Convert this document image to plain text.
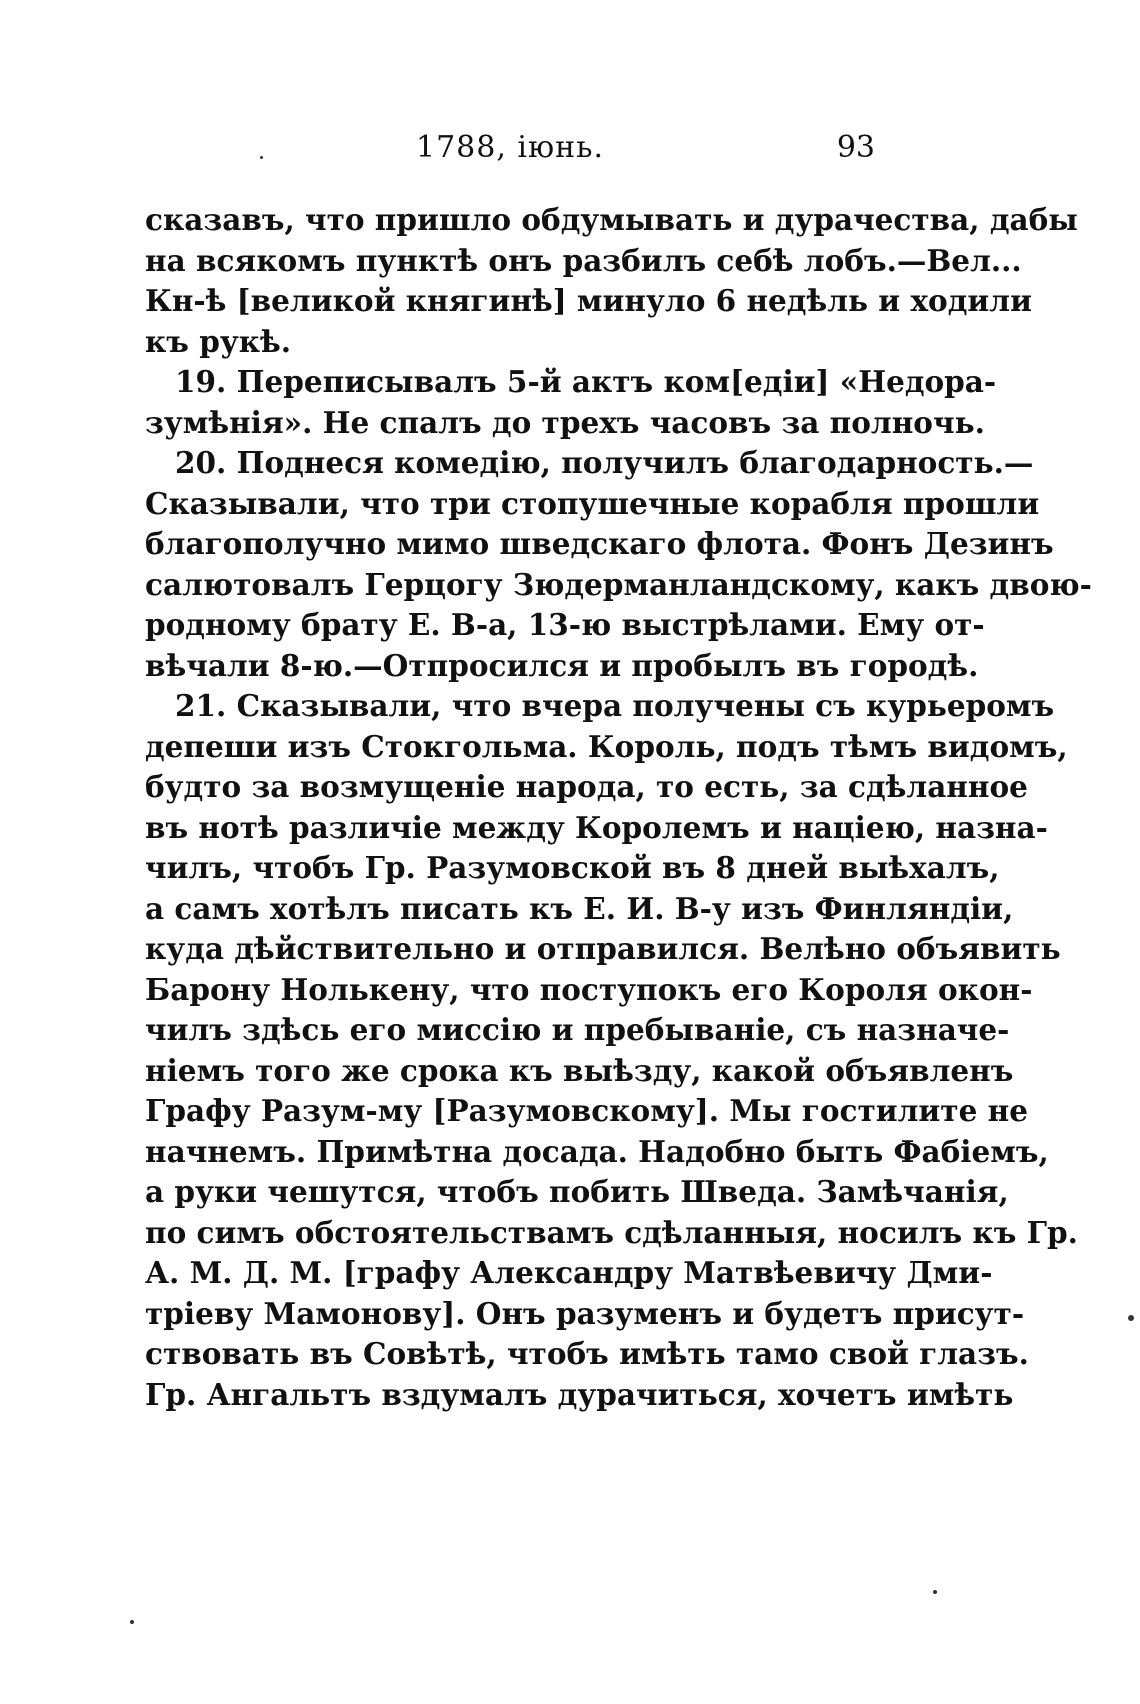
1788, іюнь.	93
сказавъ, что пришло обдумывать и дурачества, дабы
на всякомъ пунктѣ онъ разбилъ себѣ лобъ.—Вел...
Кн-ѣ [великой княгинѣ] минуло 6 недѣль и ходили
къ рукѣ.
19. Переписывалъ 5-й актъ ком[едіи] «Недора-
зумѣнія». Не спалъ до трехъ часовъ за полночь.
20. Поднеся комедію, получилъ благодарность.—
Сказывали, что три стопушечные корабля прошли
благополучно мимо шведскаго флота. Фонъ Дезинъ
салютовалъ Герцогу Зюдерманландскому, какъ двою-
родному брату Е. В-а, 13-ю выстрѣлами. Ему от-
вѣчали 8-ю.—Отпросился и пробылъ въ городѣ.
21. Сказывали, что вчера получены съ курьеромъ
депеши изъ Стокгольма. Король, подъ тѣмъ видомъ,
будто за возмущеніе народа, то есть, за сдѣланное
въ нотѣ различіе между Королемъ и націею, назна-
чилъ, чтобъ Гр. Разумовской въ 8 дней выѣхалъ,
а самъ хотѣлъ писать къ Е. И. В-у изъ Финляндіи,
куда дѣйствительно и отправился. Велѣно объявить
Барону Нолькену, что поступокъ его Короля окон-
чилъ здѣсь его миссію и пребываніе, съ назначе-
ніемъ того же срока къ выѣзду, какой объявленъ
Графу Разум-му [Разумовскому]. Мы гостилите не
начнемъ. Примѣтна досада. Надобно быть Фабіемъ,
а руки чешутся, чтобъ побить Шведа. Замѣчанія,
по симъ обстоятельствамъ сдѣланныя, носилъ къ Гр.
А. М. Д. М. [графу Александру Матвѣевичу Дми-
тріеву Мамонову]. Онъ разуменъ и будетъ присут-
ствовать въ Совѣтѣ, чтобъ имѣть тамо свой глазъ.
Гр. Ангальтъ вздумалъ дурачиться, хочетъ имѣть
